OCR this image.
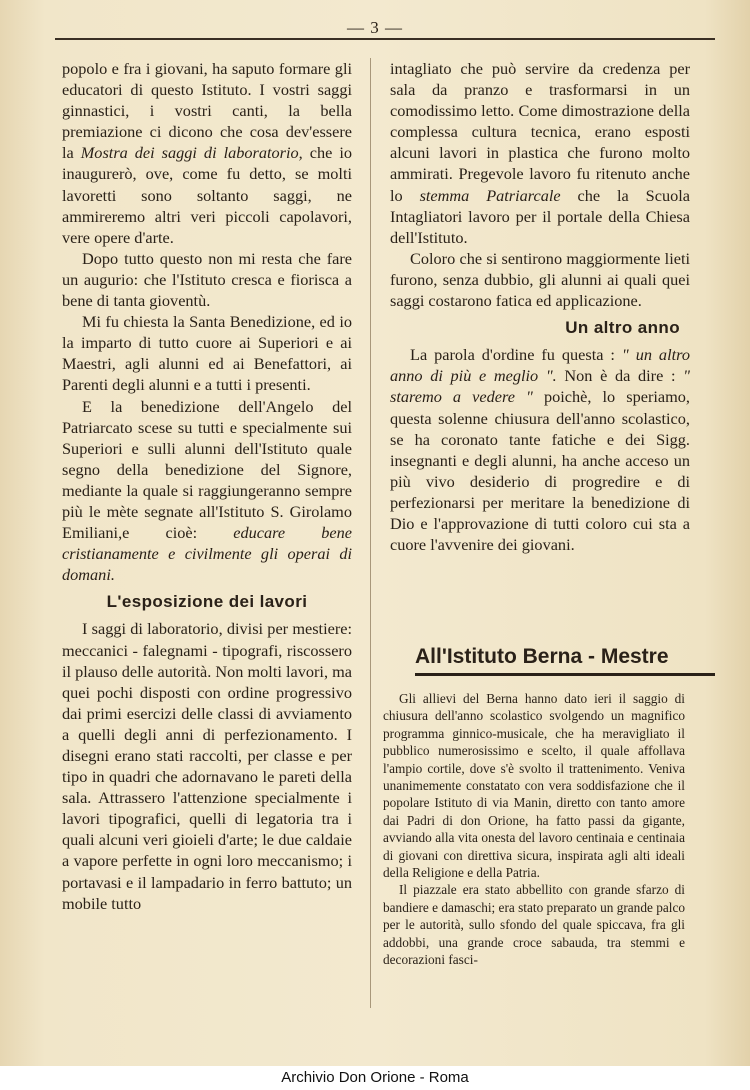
— 3 —

popolo e fra i giovani, ha saputo formare gli educatori di questo Istituto. I vostri saggi ginnastici, i vostri canti, la bella premiazione ci dicono che cosa dev'essere la Mostra dei saggi di laboratorio, che io inaugurerò, ove, come fu detto, se molti lavoretti sono soltanto saggi, ne ammireremo altri veri piccoli capolavori, vere opere d'arte.

Dopo tutto questo non mi resta che fare un augurio: che l'Istituto cresca e fiorisca a bene di tanta gioventù.

Mi fu chiesta la Santa Benedizione, ed io la imparto di tutto cuore ai Superiori e ai Maestri, agli alunni ed ai Benefattori, ai Parenti degli alunni e a tutti i presenti.

E la benedizione dell'Angelo del Patriarcato scese su tutti e specialmente sui Superiori e sulli alunni dell'Istituto quale segno della benedizione del Signore, mediante la quale si raggiungeranno sempre più le mète segnate all'Istituto S. Girolamo Emiliani,e cioè: educare bene cristianamente e civilmente gli operai di domani.

L'esposizione dei lavori

I saggi di laboratorio, divisi per mestiere: meccanici - falegnami - tipografi, riscossero il plauso delle autorità. Non molti lavori, ma quei pochi disposti con ordine progressivo dai primi esercizi delle classi di avviamento a quelli degli anni di perfezionamento. I disegni erano stati raccolti, per classe e per tipo in quadri che adornavano le pareti della sala. Attrassero l'attenzione specialmente i lavori tipografici, quelli di legatoria tra i quali alcuni veri gioieli d'arte; le due caldaie a vapore perfette in ogni loro meccanismo; i portavasi e il lampadario in ferro battuto; un mobile tutto

intagliato che può servire da credenza per sala da pranzo e trasformarsi in un comodissimo letto. Come dimostrazione della complessa cultura tecnica, erano esposti alcuni lavori in plastica che furono molto ammirati. Pregevole lavoro fu ritenuto anche lo stemma Patriarcale che la Scuola Intagliatori lavoro per il portale della Chiesa dell'Istituto.

Coloro che si sentirono maggiormente lieti furono, senza dubbio, gli alunni ai quali quei saggi costarono fatica ed applicazione.

Un altro anno

La parola d'ordine fu questa : " un altro anno di più e meglio ". Non è da dire : " staremo a vedere " poichè, lo speriamo, questa solenne chiusura dell'anno scolastico, se ha coronato tante fatiche e dei Sigg. insegnanti e degli alunni, ha anche acceso un più vivo desiderio di progredire e di perfezionarsi per meritare la benedizione di Dio e l'approvazione di tutti coloro cui sta a cuore l'avvenire dei giovani.

All'Istituto Berna - Mestre

Gli allievi del Berna hanno dato ieri il saggio di chiusura dell'anno scolastico svolgendo un magnifico programma ginnico-musicale, che ha meravigliato il pubblico numerosissimo e scelto, il quale affollava l'ampio cortile, dove s'è svolto il trattenimento. Veniva unanimemente constatato con vera soddisfazione che il popolare Istituto di via Manin, diretto con tanto amore dai Padri di don Orione, ha fatto passi da gigante, avviando alla vita onesta del lavoro centinaia e centinaia di giovani con direttiva sicura, inspirata agli alti ideali della Religione e della Patria.

Il piazzale era stato abbellito con grande sfarzo di bandiere e damaschi; era stato preparato un grande palco per le autorità, sullo sfondo del quale spiccava, fra gli addobbi, una grande croce sabauda, tra stemmi e decorazioni fasci-

Archivio Don Orione - Roma
